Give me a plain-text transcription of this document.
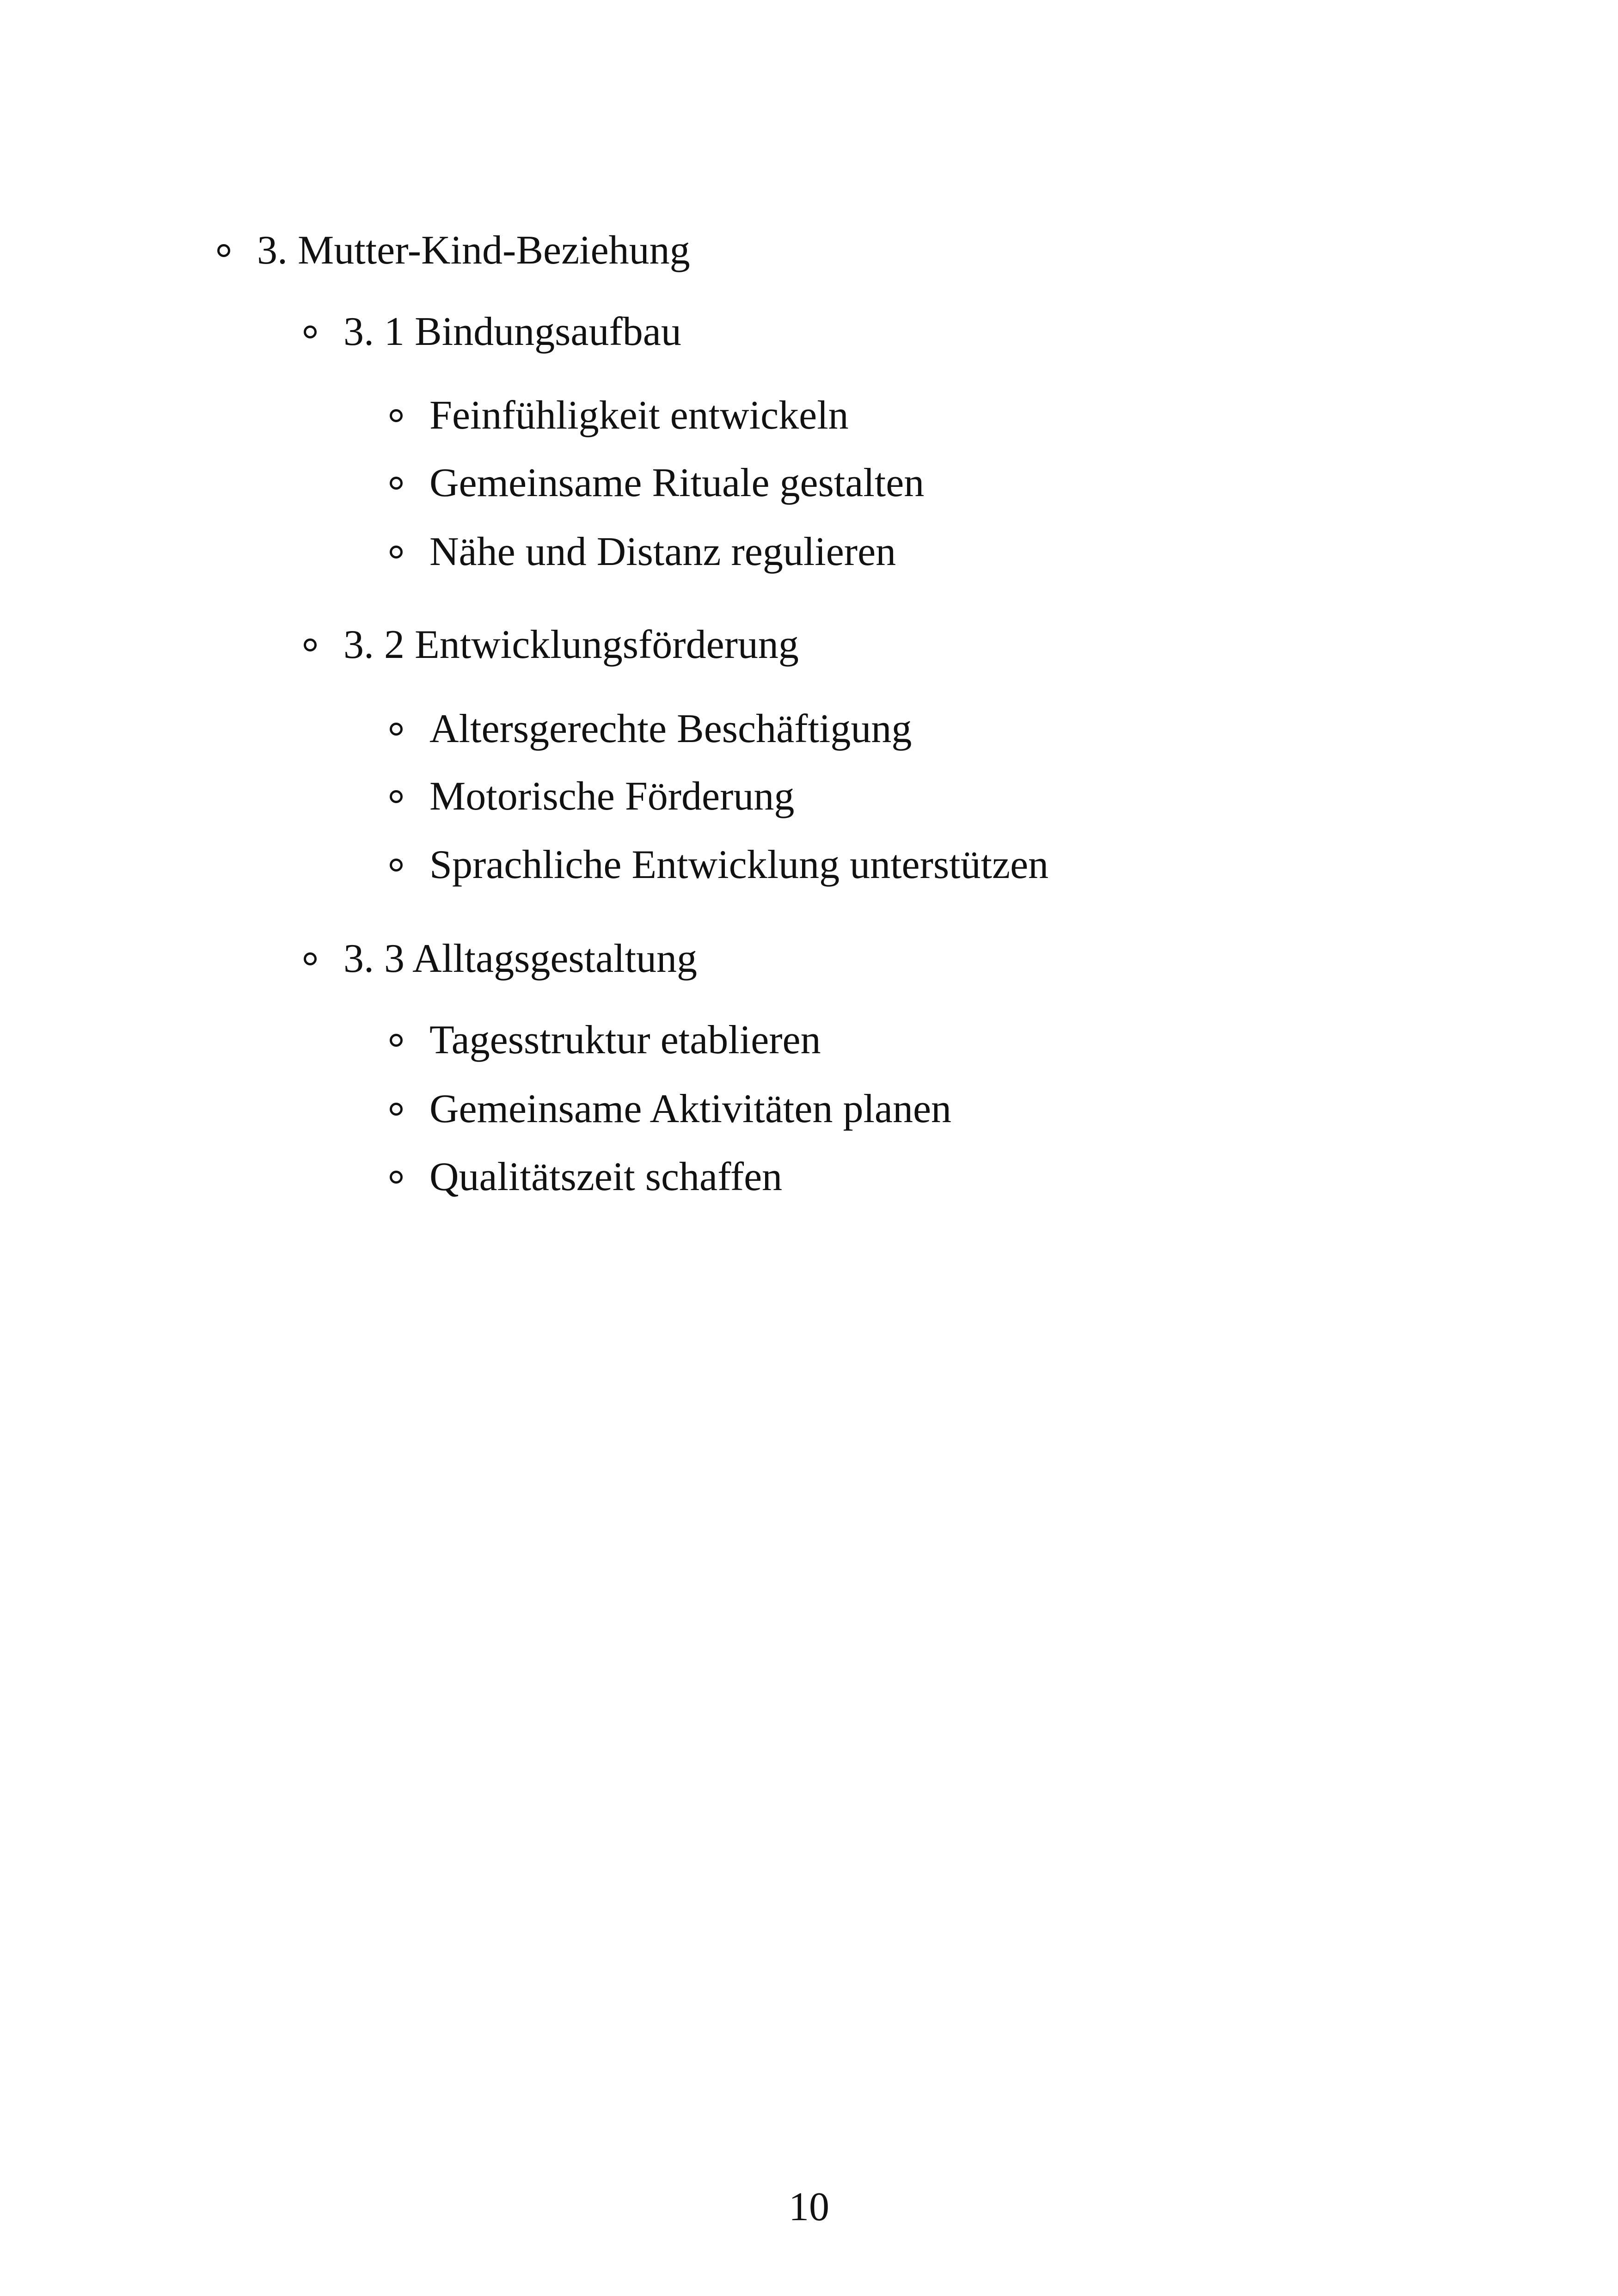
3. Mutter-Kind-Beziehung
3. 1 Bindungsaufbau
Feinfühligkeit entwickeln
Gemeinsame Rituale gestalten
Nähe und Distanz regulieren
3. 2 Entwicklungsförderung
Altersgerechte Beschäftigung
Motorische Förderung
Sprachliche Entwicklung unterstützen
3. 3 Alltagsgestaltung
Tagesstruktur etablieren
Gemeinsame Aktivitäten planen
Qualitätszeit schaffen
10
